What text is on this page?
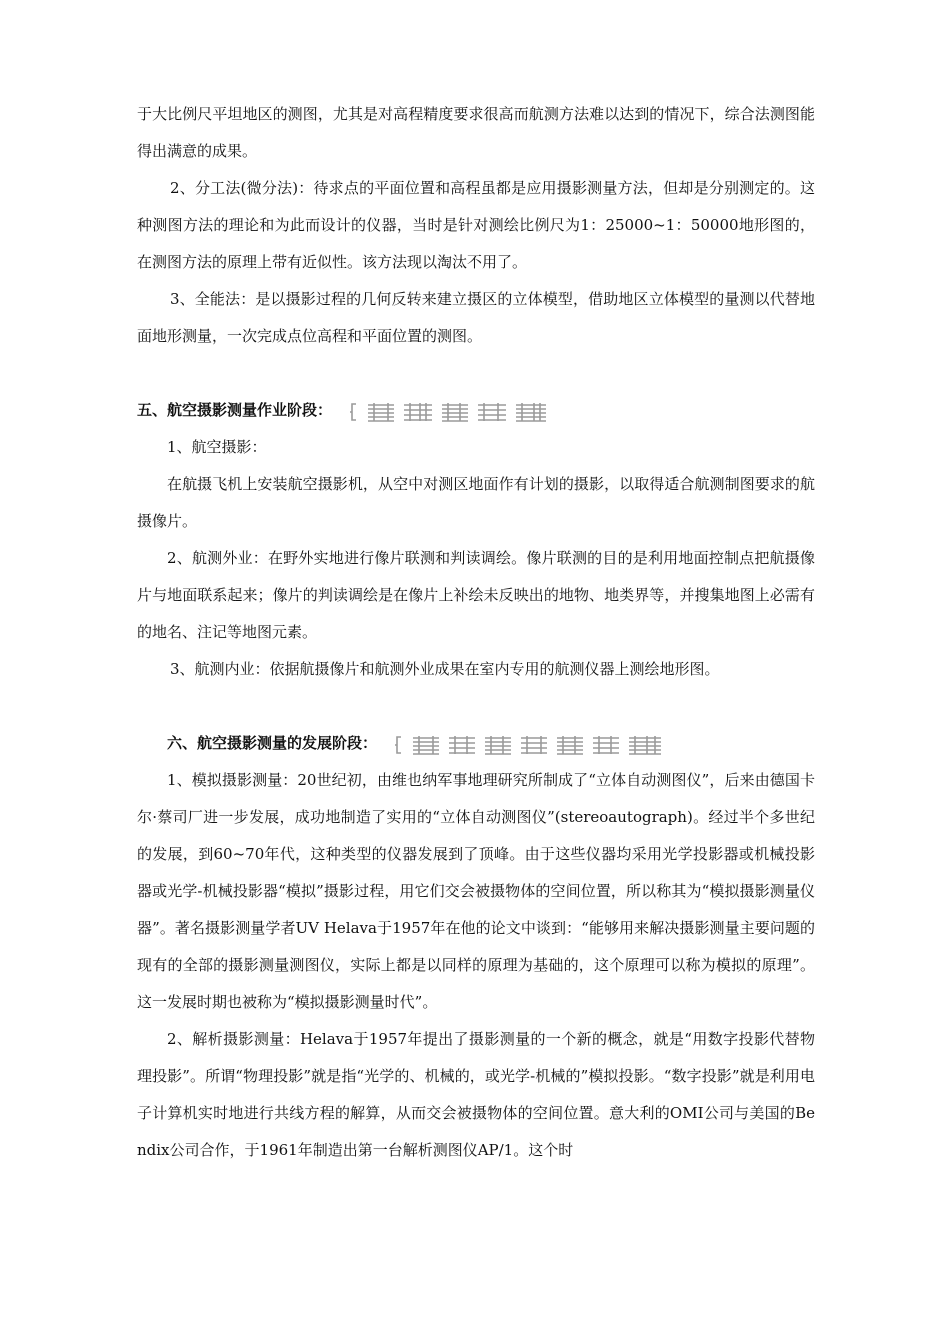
于大比例尺平坦地区的测图，尤其是对高程精度要求很高而航测方法难以达到的情况下，综合法测图能得出满意的成果。

2、分工法(微分法)：待求点的平面位置和高程虽都是应用摄影测量方法，但却是分别测定的。这种测图方法的理论和为此而设计的仪器，当时是针对测绘比例尺为1：25000~1：50000地形图的，在测图方法的原理上带有近似性。该方法现以淘汰不用了。

3、全能法：是以摄影过程的几何反转来建立摄区的立体模型，借助地区立体模型的量测以代替地面地形测量，一次完成点位高程和平面位置的测图。

五、航空摄影测量作业阶段：

1、航空摄影：

在航摄飞机上安装航空摄影机，从空中对测区地面作有计划的摄影，以取得适合航测制图要求的航摄像片。

2、航测外业：在野外实地进行像片联测和判读调绘。像片联测的目的是利用地面控制点把航摄像片与地面联系起来；像片的判读调绘是在像片上补绘未反映出的地物、地类界等，并搜集地图上必需有的地名、注记等地图元素。

3、航测内业：依据航摄像片和航测外业成果在室内专用的航测仪器上测绘地形图。

六、航空摄影测量的发展阶段：

1、模拟摄影测量：20世纪初，由维也纳军事地理研究所制成了“立体自动测图仪”，后来由德国卡尔·蔡司厂进一步发展，成功地制造了实用的“立体自动测图仪”(stereoautograph)。经过半个多世纪的发展，到60~70年代，这种类型的仪器发展到了顶峰。由于这些仪器均采用光学投影器或机械投影器或光学-机械投影器“模拟”摄影过程，用它们交会被摄物体的空间位置，所以称其为“模拟摄影测量仪器”。著名摄影测量学者UV Helava于1957年在他的论文中谈到：“能够用来解决摄影测量主要问题的现有的全部的摄影测量测图仪，实际上都是以同样的原理为基础的，这个原理可以称为模拟的原理”。这一发展时期也被称为“模拟摄影测量时代”。

2、解析摄影测量：Helava于1957年提出了摄影测量的一个新的概念，就是“用数字投影代替物理投影”。所谓“物理投影”就是指“光学的、机械的，或光学-机械的”模拟投影。“数字投影”就是利用电子计算机实时地进行共线方程的解算，从而交会被摄物体的空间位置。意大利的OMI公司与美国的Bendix公司合作，于1961年制造出第一台解析测图仪AP/1。这个时
